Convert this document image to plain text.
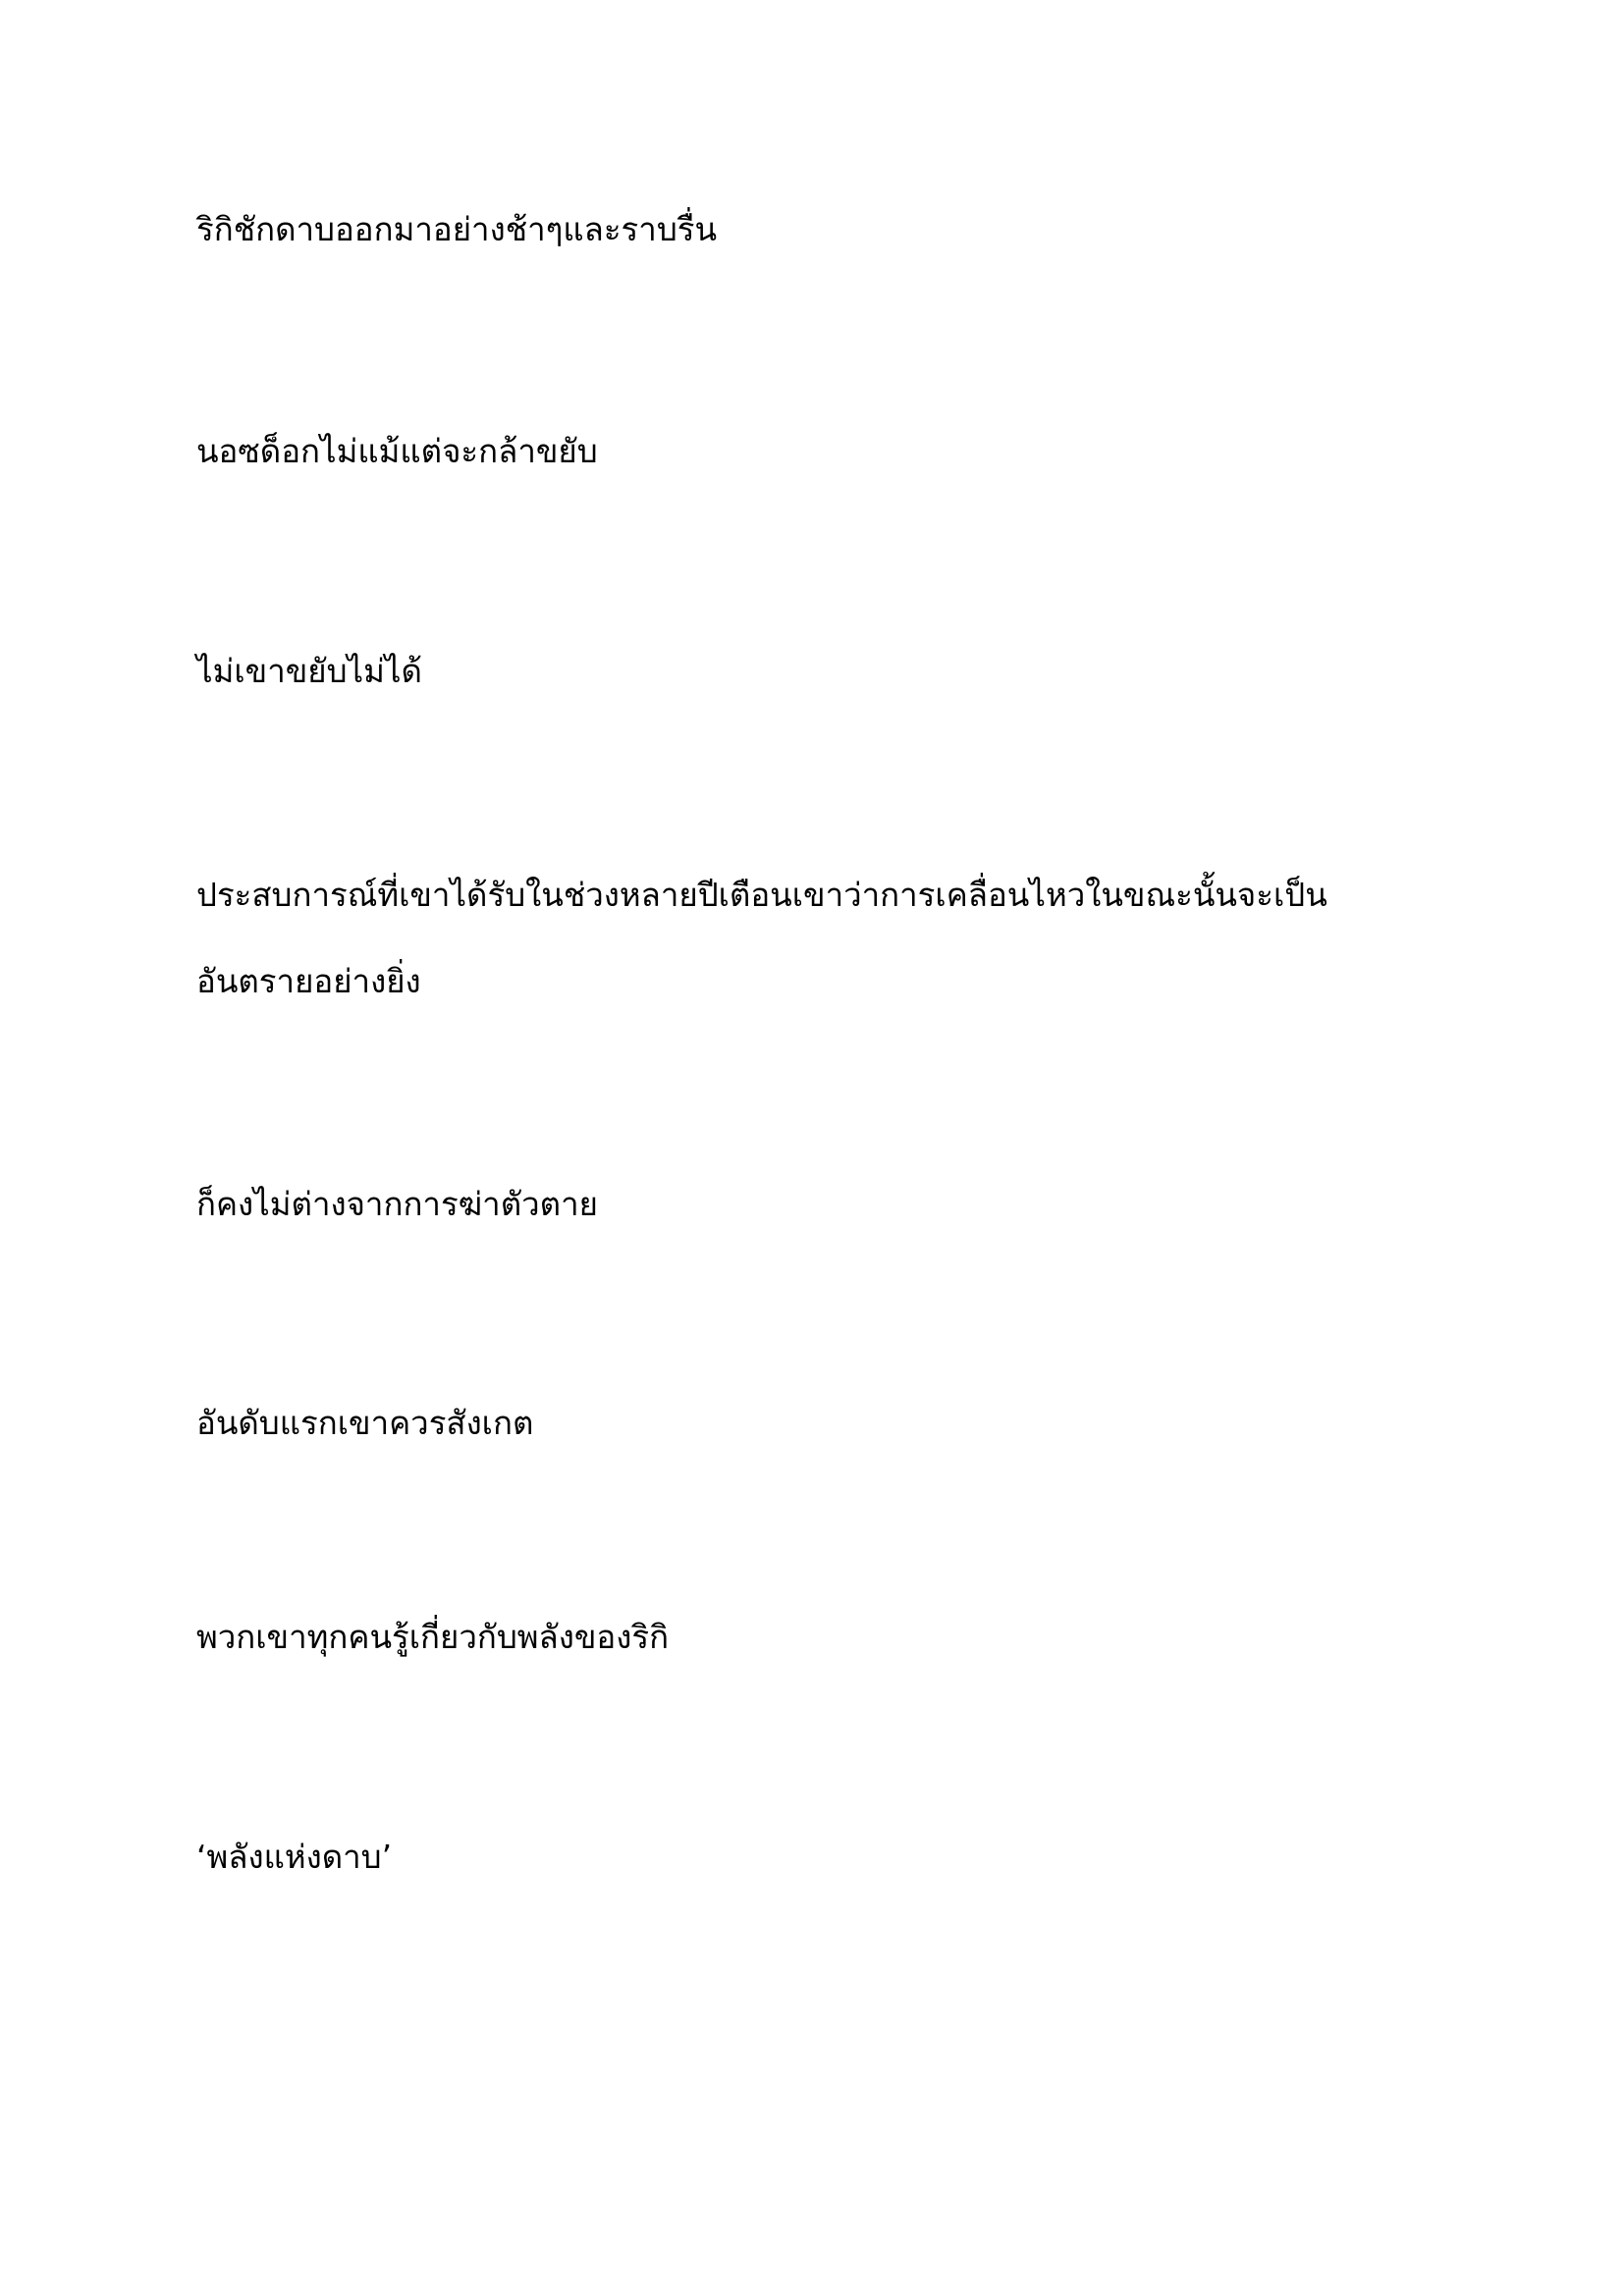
ริกิชักดาบออกมาอย่างช้าๆและราบรื่น

นอซด็อกไม่แม้แต่จะกล้าขยับ

ไม่เขาขยับไม่ได้

ประสบการณ์ที่เขาได้รับในช่วงหลายปีเตือนเขาว่าการเคลื่อนไหวในขณะนั้นจะเป็น
อันตรายอย่างยิ่ง

ก็คงไม่ต่างจากการฆ่าตัวตาย

อันดับแรกเขาควรสังเกต

พวกเขาทุกคนรู้เกี่ยวกับพลังของริกิ

‘พลังแห่งดาบ’
